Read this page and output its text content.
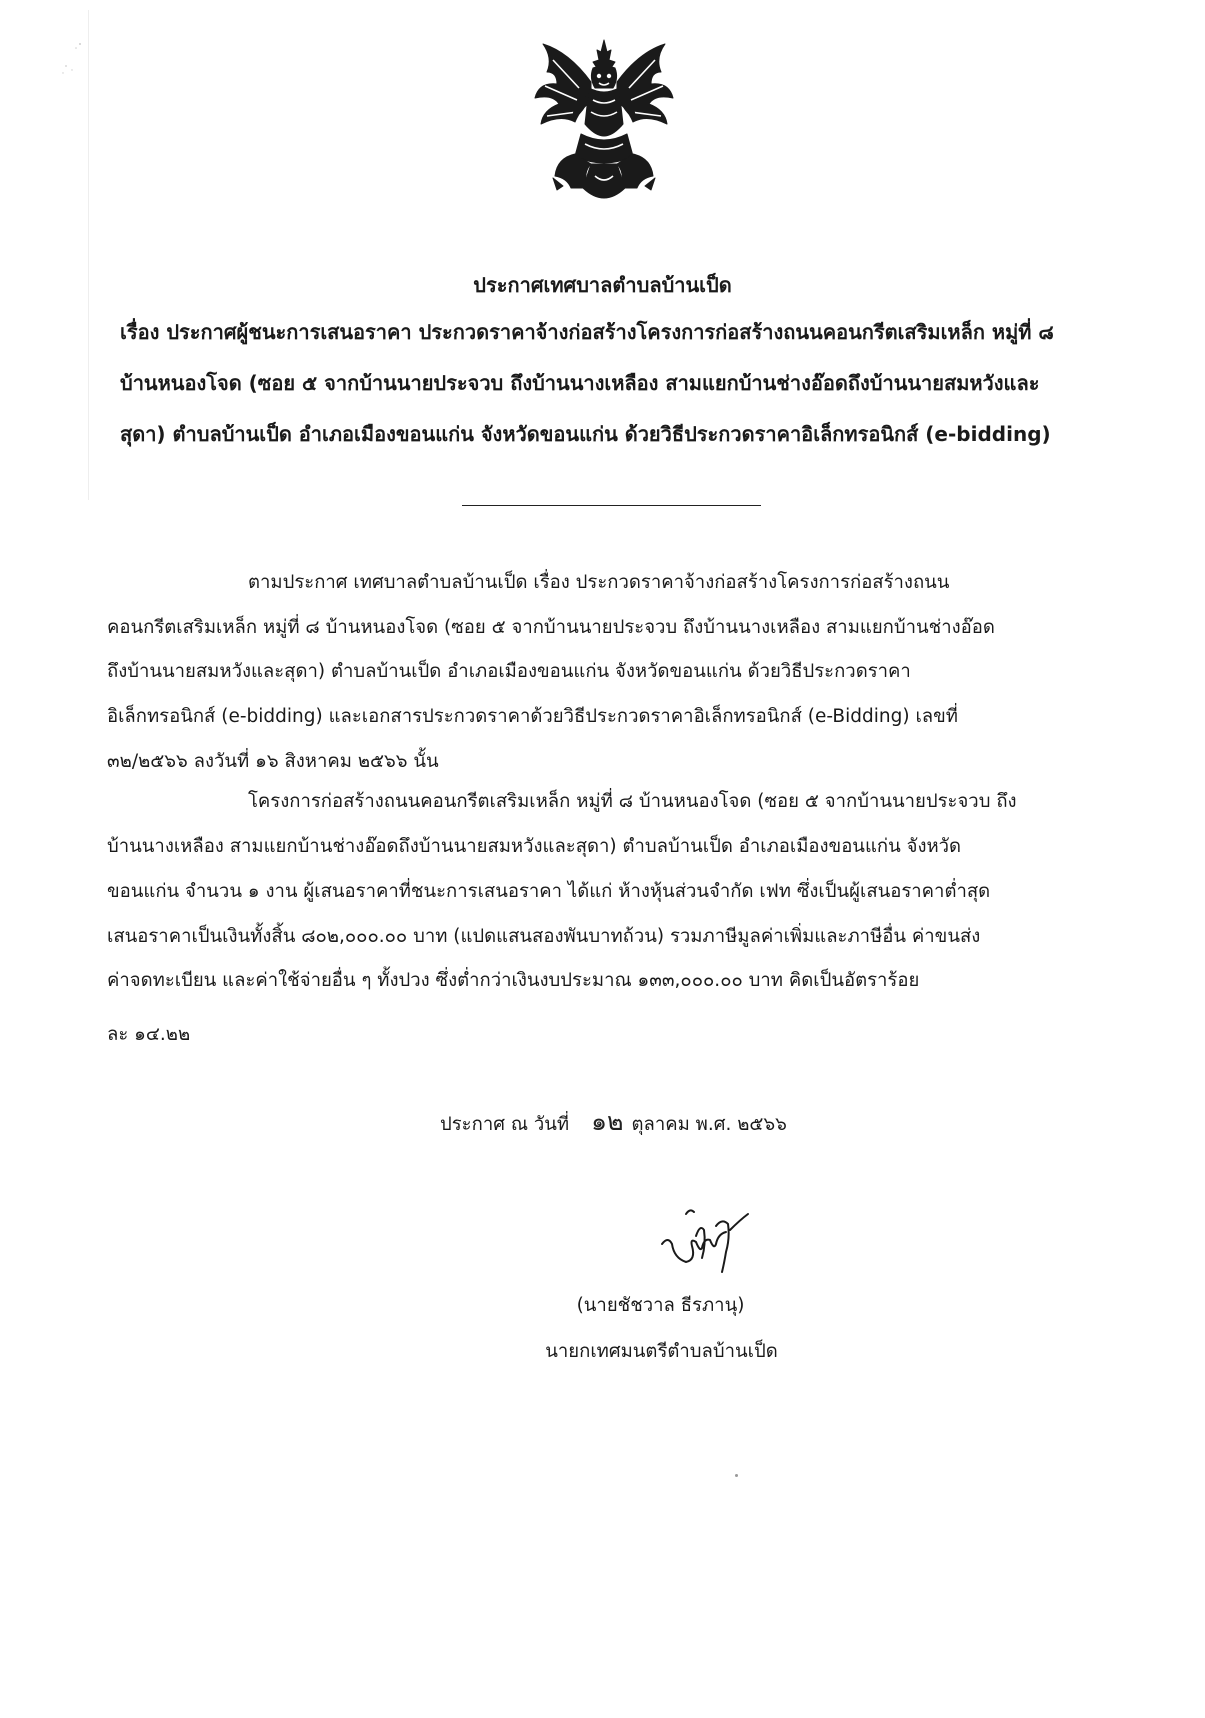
ประกาศเทศบาลตำบลบ้านเป็ด
เรื่อง ประกาศผู้ชนะการเสนอราคา ประกวดราคาจ้างก่อสร้างโครงการก่อสร้างถนนคอนกรีตเสริมเหล็ก หมู่ที่ ๘
บ้านหนองโจด (ซอย ๕ จากบ้านนายประจวบ ถึงบ้านนางเหลือง สามแยกบ้านช่างอ๊อดถึงบ้านนายสมหวังและ
สุดา) ตำบลบ้านเป็ด อำเภอเมืองขอนแก่น จังหวัดขอนแก่น ด้วยวิธีประกวดราคาอิเล็กทรอนิกส์ (e-bidding)
ตามประกาศ เทศบาลตำบลบ้านเป็ด เรื่อง ประกวดราคาจ้างก่อสร้างโครงการก่อสร้างถนน
คอนกรีตเสริมเหล็ก หมู่ที่ ๘ บ้านหนองโจด (ซอย ๕ จากบ้านนายประจวบ ถึงบ้านนางเหลือง สามแยกบ้านช่างอ๊อด
ถึงบ้านนายสมหวังและสุดา) ตำบลบ้านเป็ด อำเภอเมืองขอนแก่น จังหวัดขอนแก่น ด้วยวิธีประกวดราคา
อิเล็กทรอนิกส์ (e-bidding) และเอกสารประกวดราคาด้วยวิธีประกวดราคาอิเล็กทรอนิกส์ (e-Bidding) เลขที่
๓๒/๒๕๖๖ ลงวันที่ ๑๖ สิงหาคม ๒๕๖๖ นั้น
โครงการก่อสร้างถนนคอนกรีตเสริมเหล็ก หมู่ที่ ๘ บ้านหนองโจด (ซอย ๕ จากบ้านนายประจวบ ถึง
บ้านนางเหลือง สามแยกบ้านช่างอ๊อดถึงบ้านนายสมหวังและสุดา) ตำบลบ้านเป็ด อำเภอเมืองขอนแก่น จังหวัด
ขอนแก่น จำนวน ๑ งาน ผู้เสนอราคาที่ชนะการเสนอราคา ได้แก่ ห้างหุ้นส่วนจำกัด เฟท ซึ่งเป็นผู้เสนอราคาต่ำสุด
เสนอราคาเป็นเงินทั้งสิ้น ๘๐๒,๐๐๐.๐๐ บาท (แปดแสนสองพันบาทถ้วน) รวมภาษีมูลค่าเพิ่มและภาษีอื่น ค่าขนส่ง
ค่าจดทะเบียน และค่าใช้จ่ายอื่น ๆ ทั้งปวง ซึ่งต่ำกว่าเงินงบประมาณ ๑๓๓,๐๐๐.๐๐ บาท คิดเป็นอัตราร้อย
ละ ๑๔.๒๒
ประกาศ ณ วันที่ ๑๒ ตุลาคม พ.ศ. ๒๕๖๖
(นายชัชวาล ธีรภานุ)
นายกเทศมนตรีตำบลบ้านเป็ด
